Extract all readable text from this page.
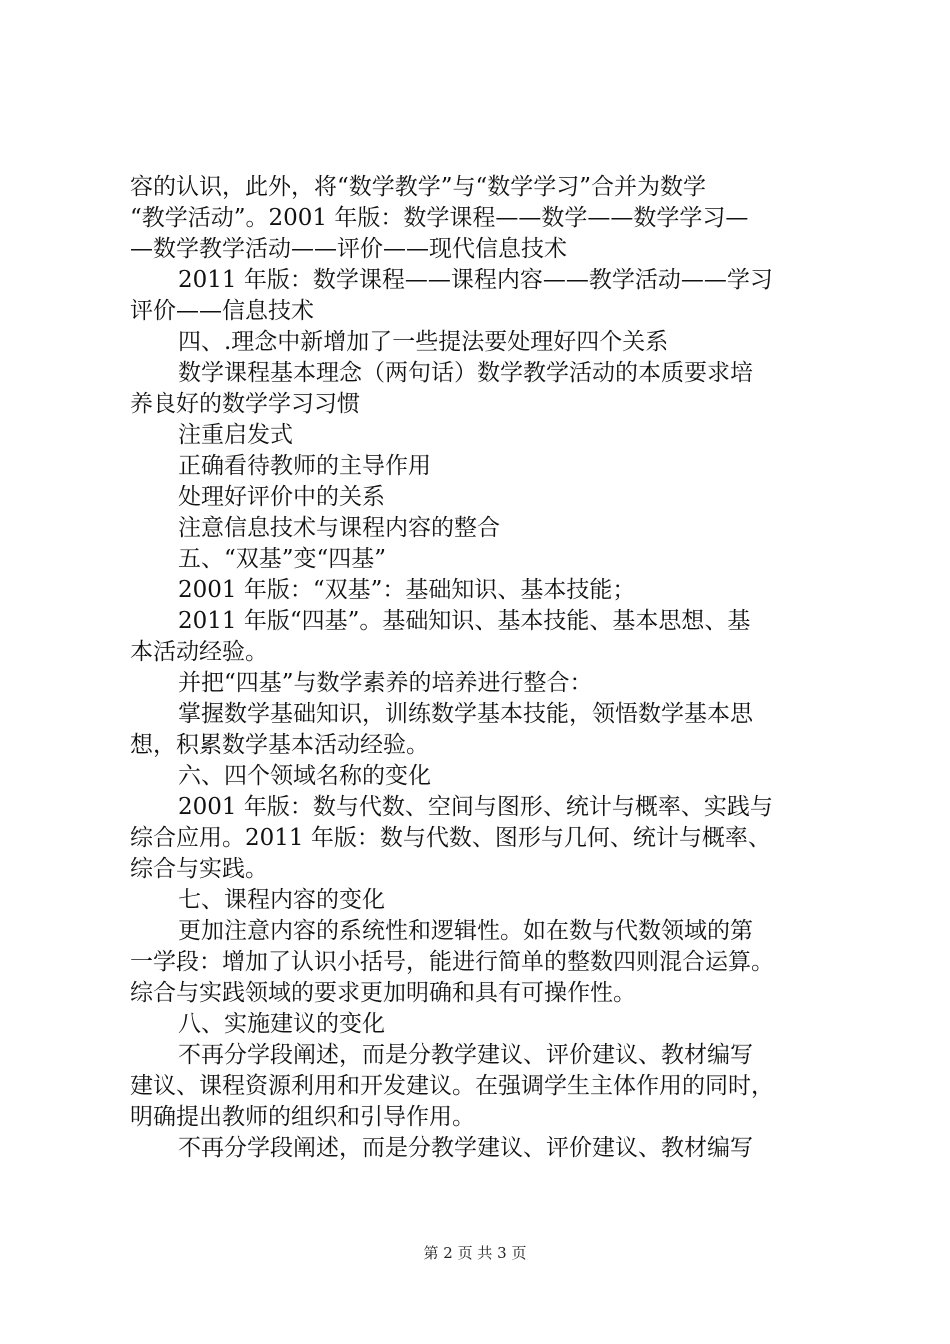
容的认识，此外，将“数学教学”与“数学学习”合并为数学
“教学活动”。2001 年版：数学课程——数学——数学学习—
—数学教学活动——评价——现代信息技术
2011 年版：数学课程——课程内容——教学活动——学习
评价——信息技术
四、.理念中新增加了一些提法要处理好四个关系
数学课程基本理念（两句话）数学教学活动的本质要求培
养良好的数学学习习惯
注重启发式
正确看待教师的主导作用
处理好评价中的关系
注意信息技术与课程内容的整合
五、“双基”变“四基”
2001 年版：“双基”：基础知识、基本技能；
2011 年版“四基”。基础知识、基本技能、基本思想、基
本活动经验。
并把“四基”与数学素养的培养进行整合：
掌握数学基础知识，训练数学基本技能，领悟数学基本思
想，积累数学基本活动经验。
六、四个领域名称的变化
2001 年版：数与代数、空间与图形、统计与概率、实践与
综合应用。2011 年版：数与代数、图形与几何、统计与概率、
综合与实践。
七、课程内容的变化
更加注意内容的系统性和逻辑性。如在数与代数领域的第
一学段：增加了认识小括号，能进行简单的整数四则混合运算。
综合与实践领域的要求更加明确和具有可操作性。
八、实施建议的变化
不再分学段阐述，而是分教学建议、评价建议、教材编写
建议、课程资源利用和开发建议。在强调学生主体作用的同时，
明确提出教师的组织和引导作用。
不再分学段阐述，而是分教学建议、评价建议、教材编写
第 2 页 共 3 页
